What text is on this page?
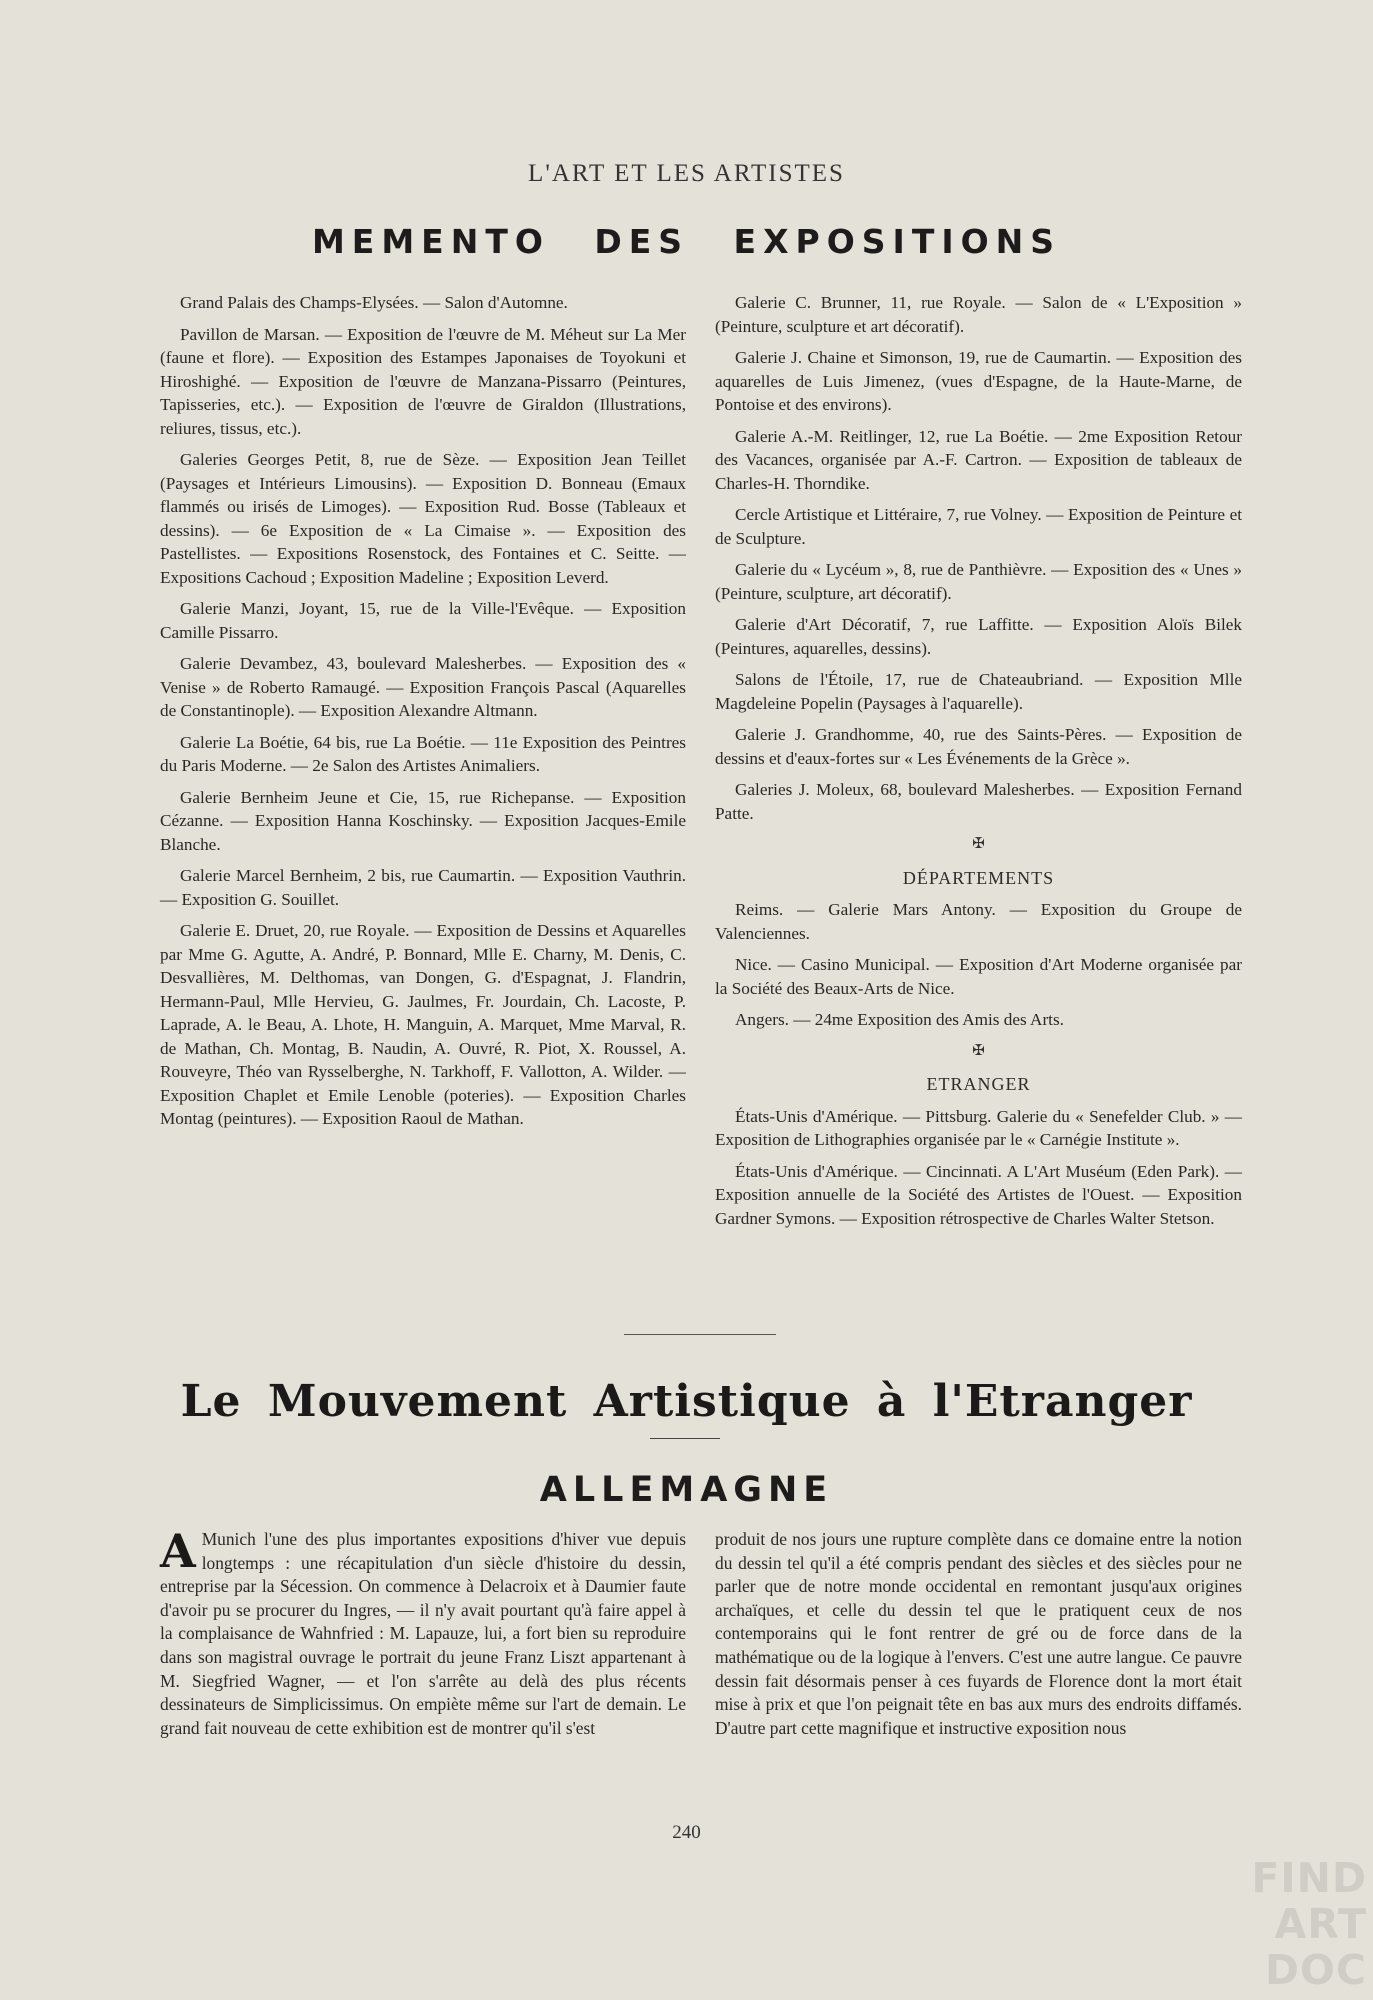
L'ART ET LES ARTISTES
MEMENTO DES EXPOSITIONS

Grand Palais des Champs-Elysées. — Salon d'Automne.

Pavillon de Marsan. — Exposition de l'œuvre de M. Méheut sur La Mer (faune et flore). — Exposition des Estampes Japonaises de Toyokuni et Hiroshighé. — Exposition de l'œuvre de Manzana-Pissarro (Peintures, Tapisseries, etc.). — Exposition de l'œuvre de Giraldon (Illustrations, reliures, tissus, etc.).

Galeries Georges Petit, 8, rue de Sèze. — Exposition Jean Teillet (Paysages et Intérieurs Limousins). — Exposition D. Bonneau (Emaux flammés ou irisés de Limoges). — Exposition Rud. Bosse (Tableaux et dessins). — 6e Exposition de « La Cimaise ». — Exposition des Pastellistes. — Expositions Rosenstock, des Fontaines et C. Seitte. — Expositions Cachoud ; Exposition Madeline ; Exposition Leverd.

Galerie Manzi, Joyant, 15, rue de la Ville-l'Evêque. — Exposition Camille Pissarro.

Galerie Devambez, 43, boulevard Malesherbes. — Exposition des « Venise » de Roberto Ramaugé. — Exposition François Pascal (Aquarelles de Constantinople). — Exposition Alexandre Altmann.

Galerie La Boétie, 64 bis, rue La Boétie. — 11e Exposition des Peintres du Paris Moderne. — 2e Salon des Artistes Animaliers.

Galerie Bernheim Jeune et Cie, 15, rue Richepanse. — Exposition Cézanne. — Exposition Hanna Koschinsky. — Exposition Jacques-Emile Blanche.

Galerie Marcel Bernheim, 2 bis, rue Caumartin. — Exposition Vauthrin. — Exposition G. Souillet.

Galerie E. Druet, 20, rue Royale. — Exposition de Dessins et Aquarelles par Mme G. Agutte, A. André, P. Bonnard, Mlle E. Charny, M. Denis, C. Desvallières, M. Delthomas, van Dongen, G. d'Espagnat, J. Flandrin, Hermann-Paul, Mlle Hervieu, G. Jaulmes, Fr. Jourdain, Ch. Lacoste, P. Laprade, A. le Beau, A. Lhote, H. Manguin, A. Marquet, Mme Marval, R. de Mathan, Ch. Montag, B. Naudin, A. Ouvré, R. Piot, X. Roussel, A. Rouveyre, Théo van Rysselberghe, N. Tarkhoff, F. Vallotton, A. Wilder. — Exposition Chaplet et Emile Lenoble (poteries). — Exposition Charles Montag (peintures). — Exposition Raoul de Mathan.

Galerie C. Brunner, 11, rue Royale. — Salon de « L'Exposition » (Peinture, sculpture et art décoratif).

Galerie J. Chaine et Simonson, 19, rue de Caumartin. — Exposition des aquarelles de Luis Jimenez, (vues d'Espagne, de la Haute-Marne, de Pontoise et des environs).

Galerie A.-M. Reitlinger, 12, rue La Boétie. — 2me Exposition Retour des Vacances, organisée par A.-F. Cartron. — Exposition de tableaux de Charles-H. Thorndike.

Cercle Artistique et Littéraire, 7, rue Volney. — Exposition de Peinture et de Sculpture.

Galerie du « Lycéum », 8, rue de Panthièvre. — Exposition des « Unes » (Peinture, sculpture, art décoratif).

Galerie d'Art Décoratif, 7, rue Laffitte. — Exposition Aloïs Bilek (Peintures, aquarelles, dessins).

Salons de l'Étoile, 17, rue de Chateaubriand. — Exposition Mlle Magdeleine Popelin (Paysages à l'aquarelle).

Galerie J. Grandhomme, 40, rue des Saints-Pères. — Exposition de dessins et d'eaux-fortes sur « Les Événements de la Grèce ».

Galeries J. Moleux, 68, boulevard Malesherbes. — Exposition Fernand Patte.

✠
DÉPARTEMENTS

Reims. — Galerie Mars Antony. — Exposition du Groupe de Valenciennes.

Nice. — Casino Municipal. — Exposition d'Art Moderne organisée par la Société des Beaux-Arts de Nice.

Angers. — 24me Exposition des Amis des Arts.

✠
ETRANGER

États-Unis d'Amérique. — Pittsburg. Galerie du « Senefelder Club. » — Exposition de Lithographies organisée par le « Carnégie Institute ».

États-Unis d'Amérique. — Cincinnati. A L'Art Muséum (Eden Park). — Exposition annuelle de la Société des Artistes de l'Ouest. — Exposition Gardner Symons. — Exposition rétrospective de Charles Walter Stetson.

Le Mouvement Artistique à l'Etranger
ALLEMAGNE

A Munich l'une des plus importantes expositions d'hiver vue depuis longtemps : une récapitulation d'un siècle d'histoire du dessin, entreprise par la Sécession. On commence à Delacroix et à Daumier faute d'avoir pu se procurer du Ingres, — il n'y avait pourtant qu'à faire appel à la complaisance de Wahnfried : M. Lapauze, lui, a fort bien su reproduire dans son magistral ouvrage le portrait du jeune Franz Liszt appartenant à M. Siegfried Wagner, — et l'on s'arrête au delà des plus récents dessinateurs de Simplicissimus. On empiète même sur l'art de demain. Le grand fait nouveau de cette exhibition est de montrer qu'il s'est

produit de nos jours une rupture complète dans ce domaine entre la notion du dessin tel qu'il a été compris pendant des siècles et des siècles pour ne parler que de notre monde occidental en remontant jusqu'aux origines archaïques, et celle du dessin tel que le pratiquent ceux de nos contemporains qui le font rentrer de gré ou de force dans de la mathématique ou de la logique à l'envers. C'est une autre langue. Ce pauvre dessin fait désormais penser à ces fuyards de Florence dont la mort était mise à prix et que l'on peignait tête en bas aux murs des endroits diffamés. D'autre part cette magnifique et instructive exposition nous

240
FIND
ART
DOC
